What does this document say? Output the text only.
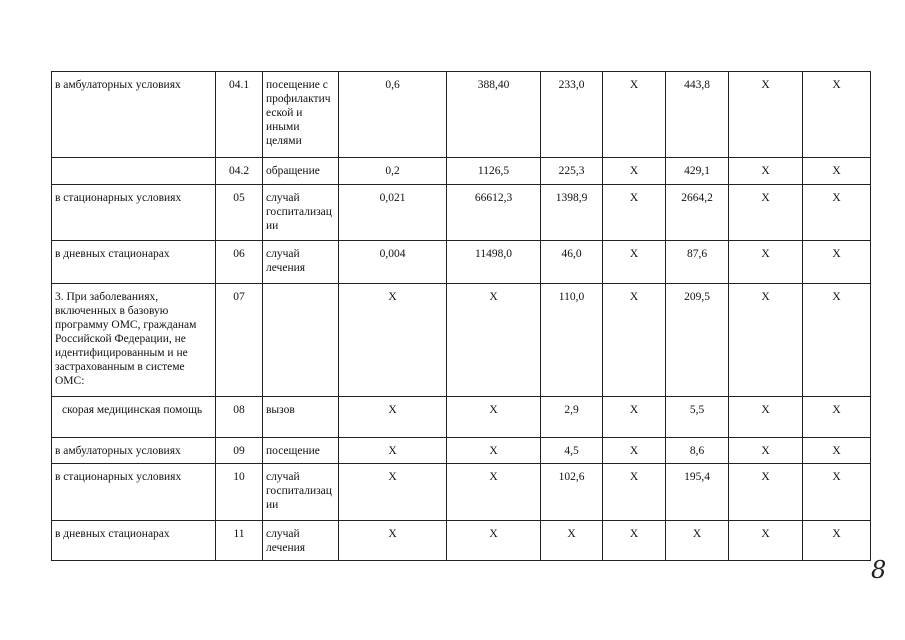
в амбулаторных условиях	04.1	посещение с профилактич еской и иными целями	0,6	388,40	233,0	X	443,8	X	X
	04.2	обращение	0,2	1126,5	225,3	X	429,1	X	X
в стационарных условиях	05	случай госпитализац ии	0,021	66612,3	1398,9	X	2664,2	X	X
в дневных стационарах	06	случай лечения	0,004	11498,0	46,0	X	87,6	X	X
3. При заболеваниях, включенных в базовую программу ОМС, гражданам Российской Федерации, не идентифицированным и не застрахованным в системе ОМС:	07		X	X	110,0	X	209,5	X	X
скорая медицинская помощь	08	вызов	X	X	2,9	X	5,5	X	X
в амбулаторных условиях	09	посещение	X	X	4,5	X	8,6	X	X
в стационарных условиях	10	случай госпитализац ии	X	X	102,6	X	195,4	X	X
в дневных стационарах	11	случай лечения	X	X	X	X	X	X	X
8
